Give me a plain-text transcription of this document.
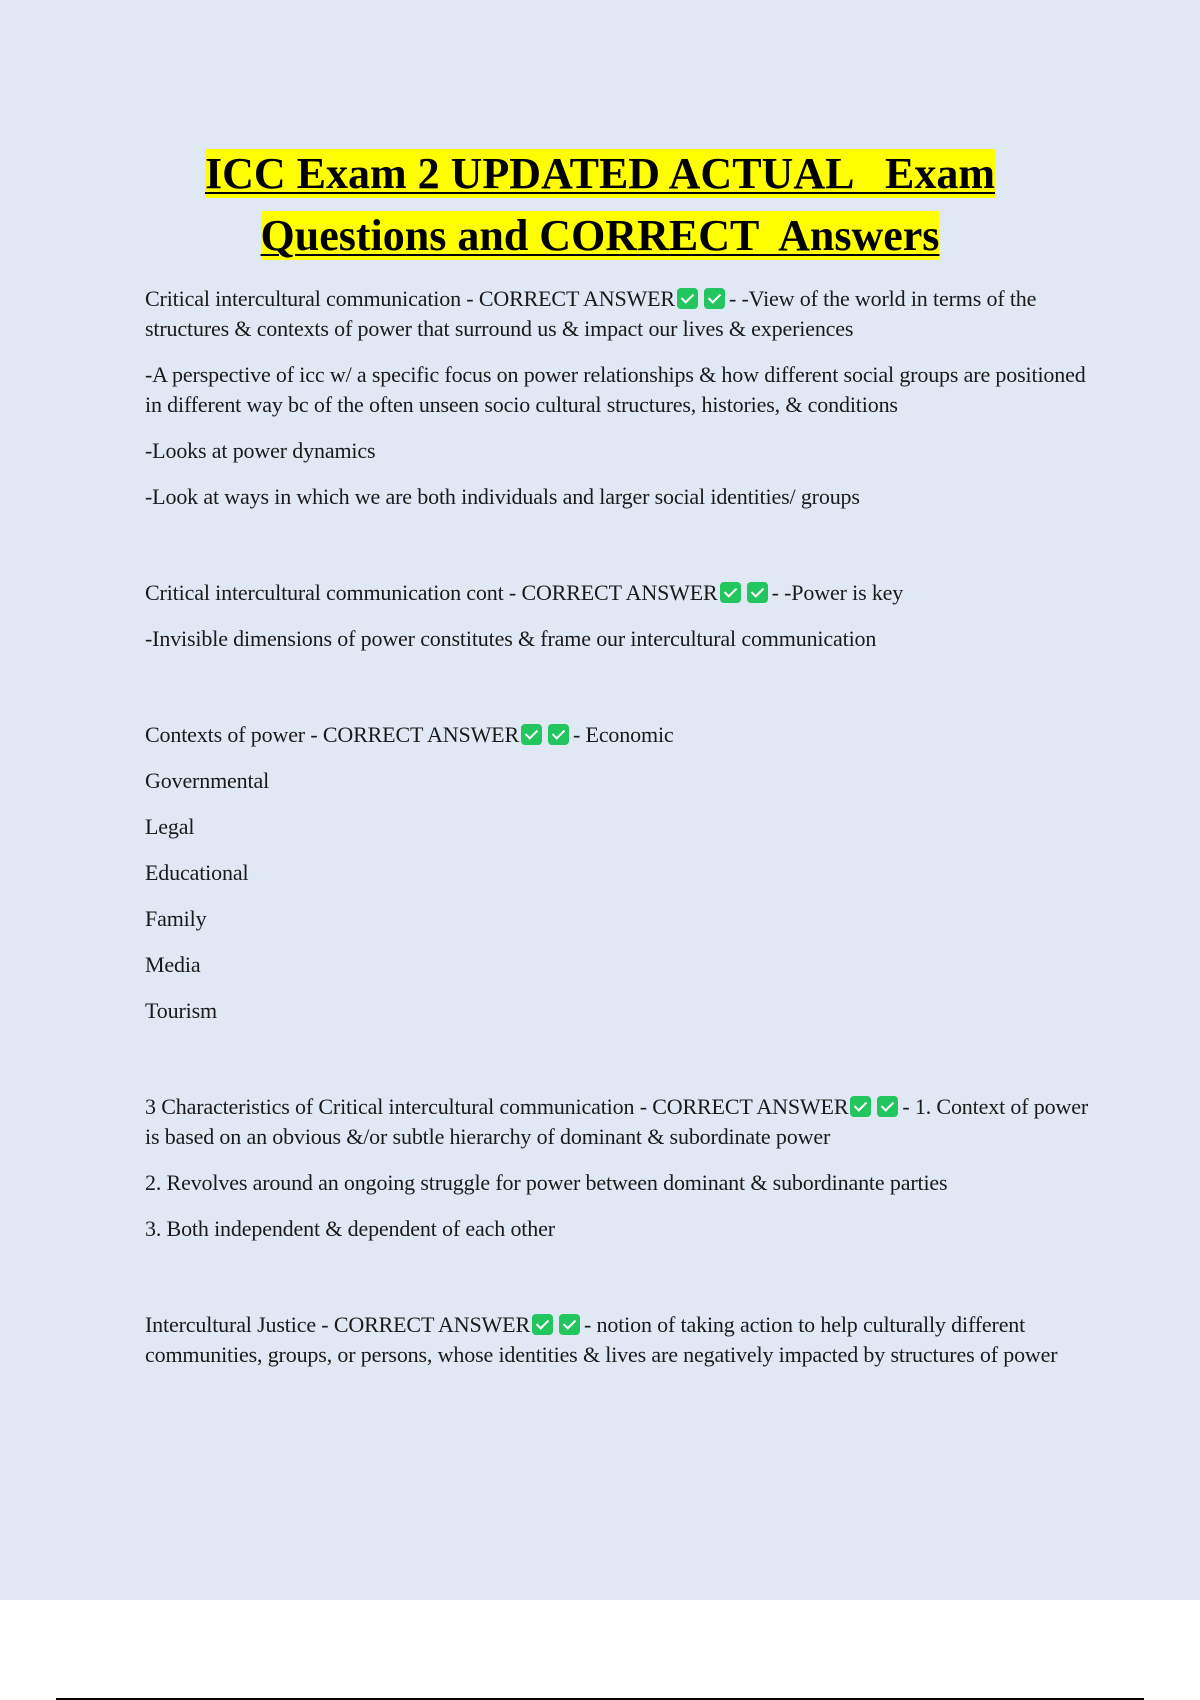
ICC Exam 2 UPDATED ACTUAL   Exam
Questions and CORRECT  Answers

Critical intercultural communication - CORRECT ANSWER - -View of the world in terms of the structures & contexts of power that surround us & impact our lives & experiences

-A perspective of icc w/ a specific focus on power relationships & how different social groups are positioned in different way bc of the often unseen socio cultural structures, histories, & conditions

-Looks at power dynamics

-Look at ways in which we are both individuals and larger social identities/ groups

Critical intercultural communication cont - CORRECT ANSWER - -Power is key

-Invisible dimensions of power constitutes & frame our intercultural communication

Contexts of power - CORRECT ANSWER - Economic

Governmental

Legal

Educational

Family

Media

Tourism

3 Characteristics of Critical intercultural communication - CORRECT ANSWER - 1. Context of power is based on an obvious &/or subtle hierarchy of dominant & subordinate power

2. Revolves around an ongoing struggle for power between dominant & subordinante parties

3. Both independent & dependent of each other

Intercultural Justice - CORRECT ANSWER - notion of taking action to help culturally different communities, groups, or persons, whose identities & lives are negatively impacted by structures of power
